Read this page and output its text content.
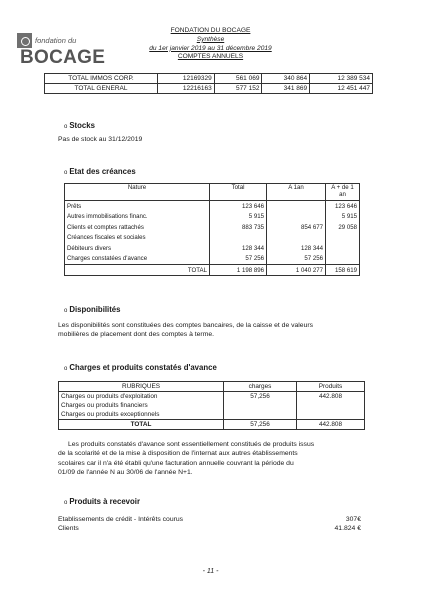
fondation du
BOCAGE
FONDATION DU BOCAGE
Synthèse
du 1er janvier 2019 au 31 décembre 2019
COMPTES ANNUELS
TOTAL IMMOS CORP.	12169329	561 069	340 864	12 389 534
TOTAL GENERAL	12216163	577 152	341 869	12 451 447
o Stocks
Pas de stock au 31/12/2019
o Etat des créances
Nature	Total	A 1an	A + de 1 an
Prêts	123 646		123 646
Autres immobilisations financ.	5 915		5 915
Clients et comptes rattachés	883 735	854 677	29 058
Créances fiscales et sociales			
Débiteurs divers	128 344	128 344	
Charges constatées d'avance	57 256	57 256	
TOTAL	1 198 896	1 040 277	158 619
o Disponibilités
Les disponibilités sont constituées des comptes bancaires, de la caisse et de valeurs
mobilières de placement dont des comptes à terme.
o Charges et produits constatés d'avance
RUBRIQUES	charges	Produits
Charges ou produits d'exploitation	57,256	442.808
Charges ou produits financiers		
Charges ou produits exceptionnels		
TOTAL	57,256	442.808
Les produits constatés d'avance sont essentiellement constitués de produits issus
de la scolarité et de la mise à disposition de l'internat aux autres établissements
scolaires car il n'a été établi qu'une facturation annuelle couvrant la période du
01/09 de l'année N au 30/06 de l'année N+1.
o Produits à recevoir
Etablissements de crédit - Intérêts courus	307€
Clients	41.824 €
- 11 -
